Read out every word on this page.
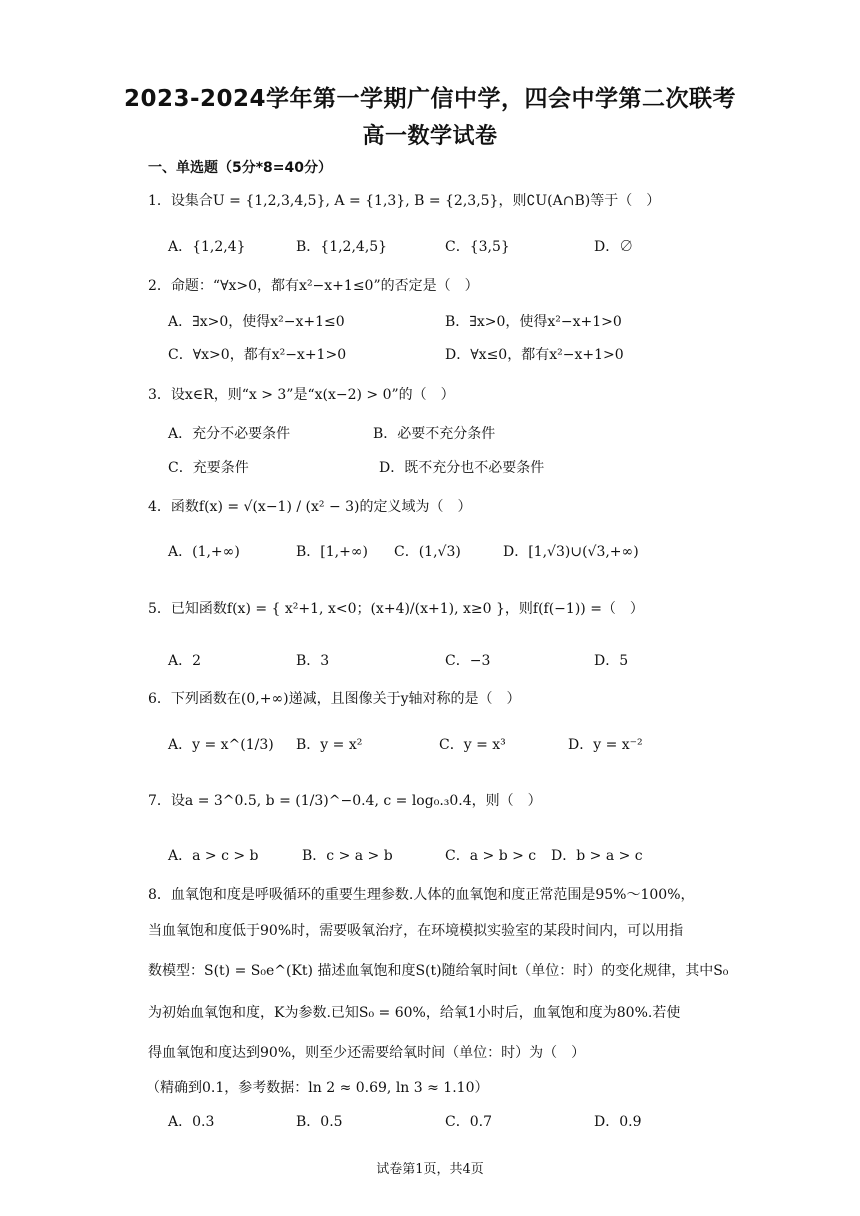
2023-2024学年第一学期广信中学，四会中学第二次联考
高一数学试卷
一、单选题（5分*8=40分）
1．设集合U = {1,2,3,4,5}, A = {1,3}, B = {2,3,5}，则∁U(A∩B)等于（　）
A．{1,2,4}	B．{1,2,4,5}	C．{3,5}	D．∅
2．命题：“∀x>0，都有x²−x+1≤0”的否定是（　）
A．∃x>0，使得x²−x+1≤0	B．∃x>0，使得x²−x+1>0
C．∀x>0，都有x²−x+1>0	D．∀x≤0，都有x²−x+1>0
3．设x∈R，则“x > 3”是“x(x−2) > 0”的（　）
A．充分不必要条件	B．必要不充分条件
C．充要条件	D．既不充分也不必要条件
4．函数f(x) = √(x−1) / (x² − 3)的定义域为（　）
A．(1,+∞)	B．[1,+∞) C．(1,√3)	D．[1,√3)∪(√3,+∞)
5．已知函数f(x) = { x²+1, x<0；(x+4)/(x+1), x≥0 }，则f(f(−1)) =（　）
A．2	B．3	C．−3	D．5
6．下列函数在(0,+∞)递减，且图像关于y轴对称的是（　）
A．y = x^(1/3) B．y = x²	C．y = x³	D．y = x⁻²
7．设a = 3^0.5, b = (1/3)^−0.4, c = log₀.₃0.4，则（　）
A．a > c > b	B．c > a > b	C．a > b > c D．b > a > c
8．血氧饱和度是呼吸循环的重要生理参数.人体的血氧饱和度正常范围是95%～100%，
当血氧饱和度低于90%时，需要吸氧治疗，在环境模拟实验室的某段时间内，可以用指
数模型：S(t) = S₀e^(Kt) 描述血氧饱和度S(t)随给氧时间t（单位：时）的变化规律，其中S₀
为初始血氧饱和度，K为参数.已知S₀ = 60%，给氧1小时后，血氧饱和度为80%.若使
得血氧饱和度达到90%，则至少还需要给氧时间（单位：时）为（　）
（精确到0.1，参考数据：ln 2 ≈ 0.69, ln 3 ≈ 1.10）
A．0.3	B．0.5	C．0.7	D．0.9
试卷第1页，共4页
